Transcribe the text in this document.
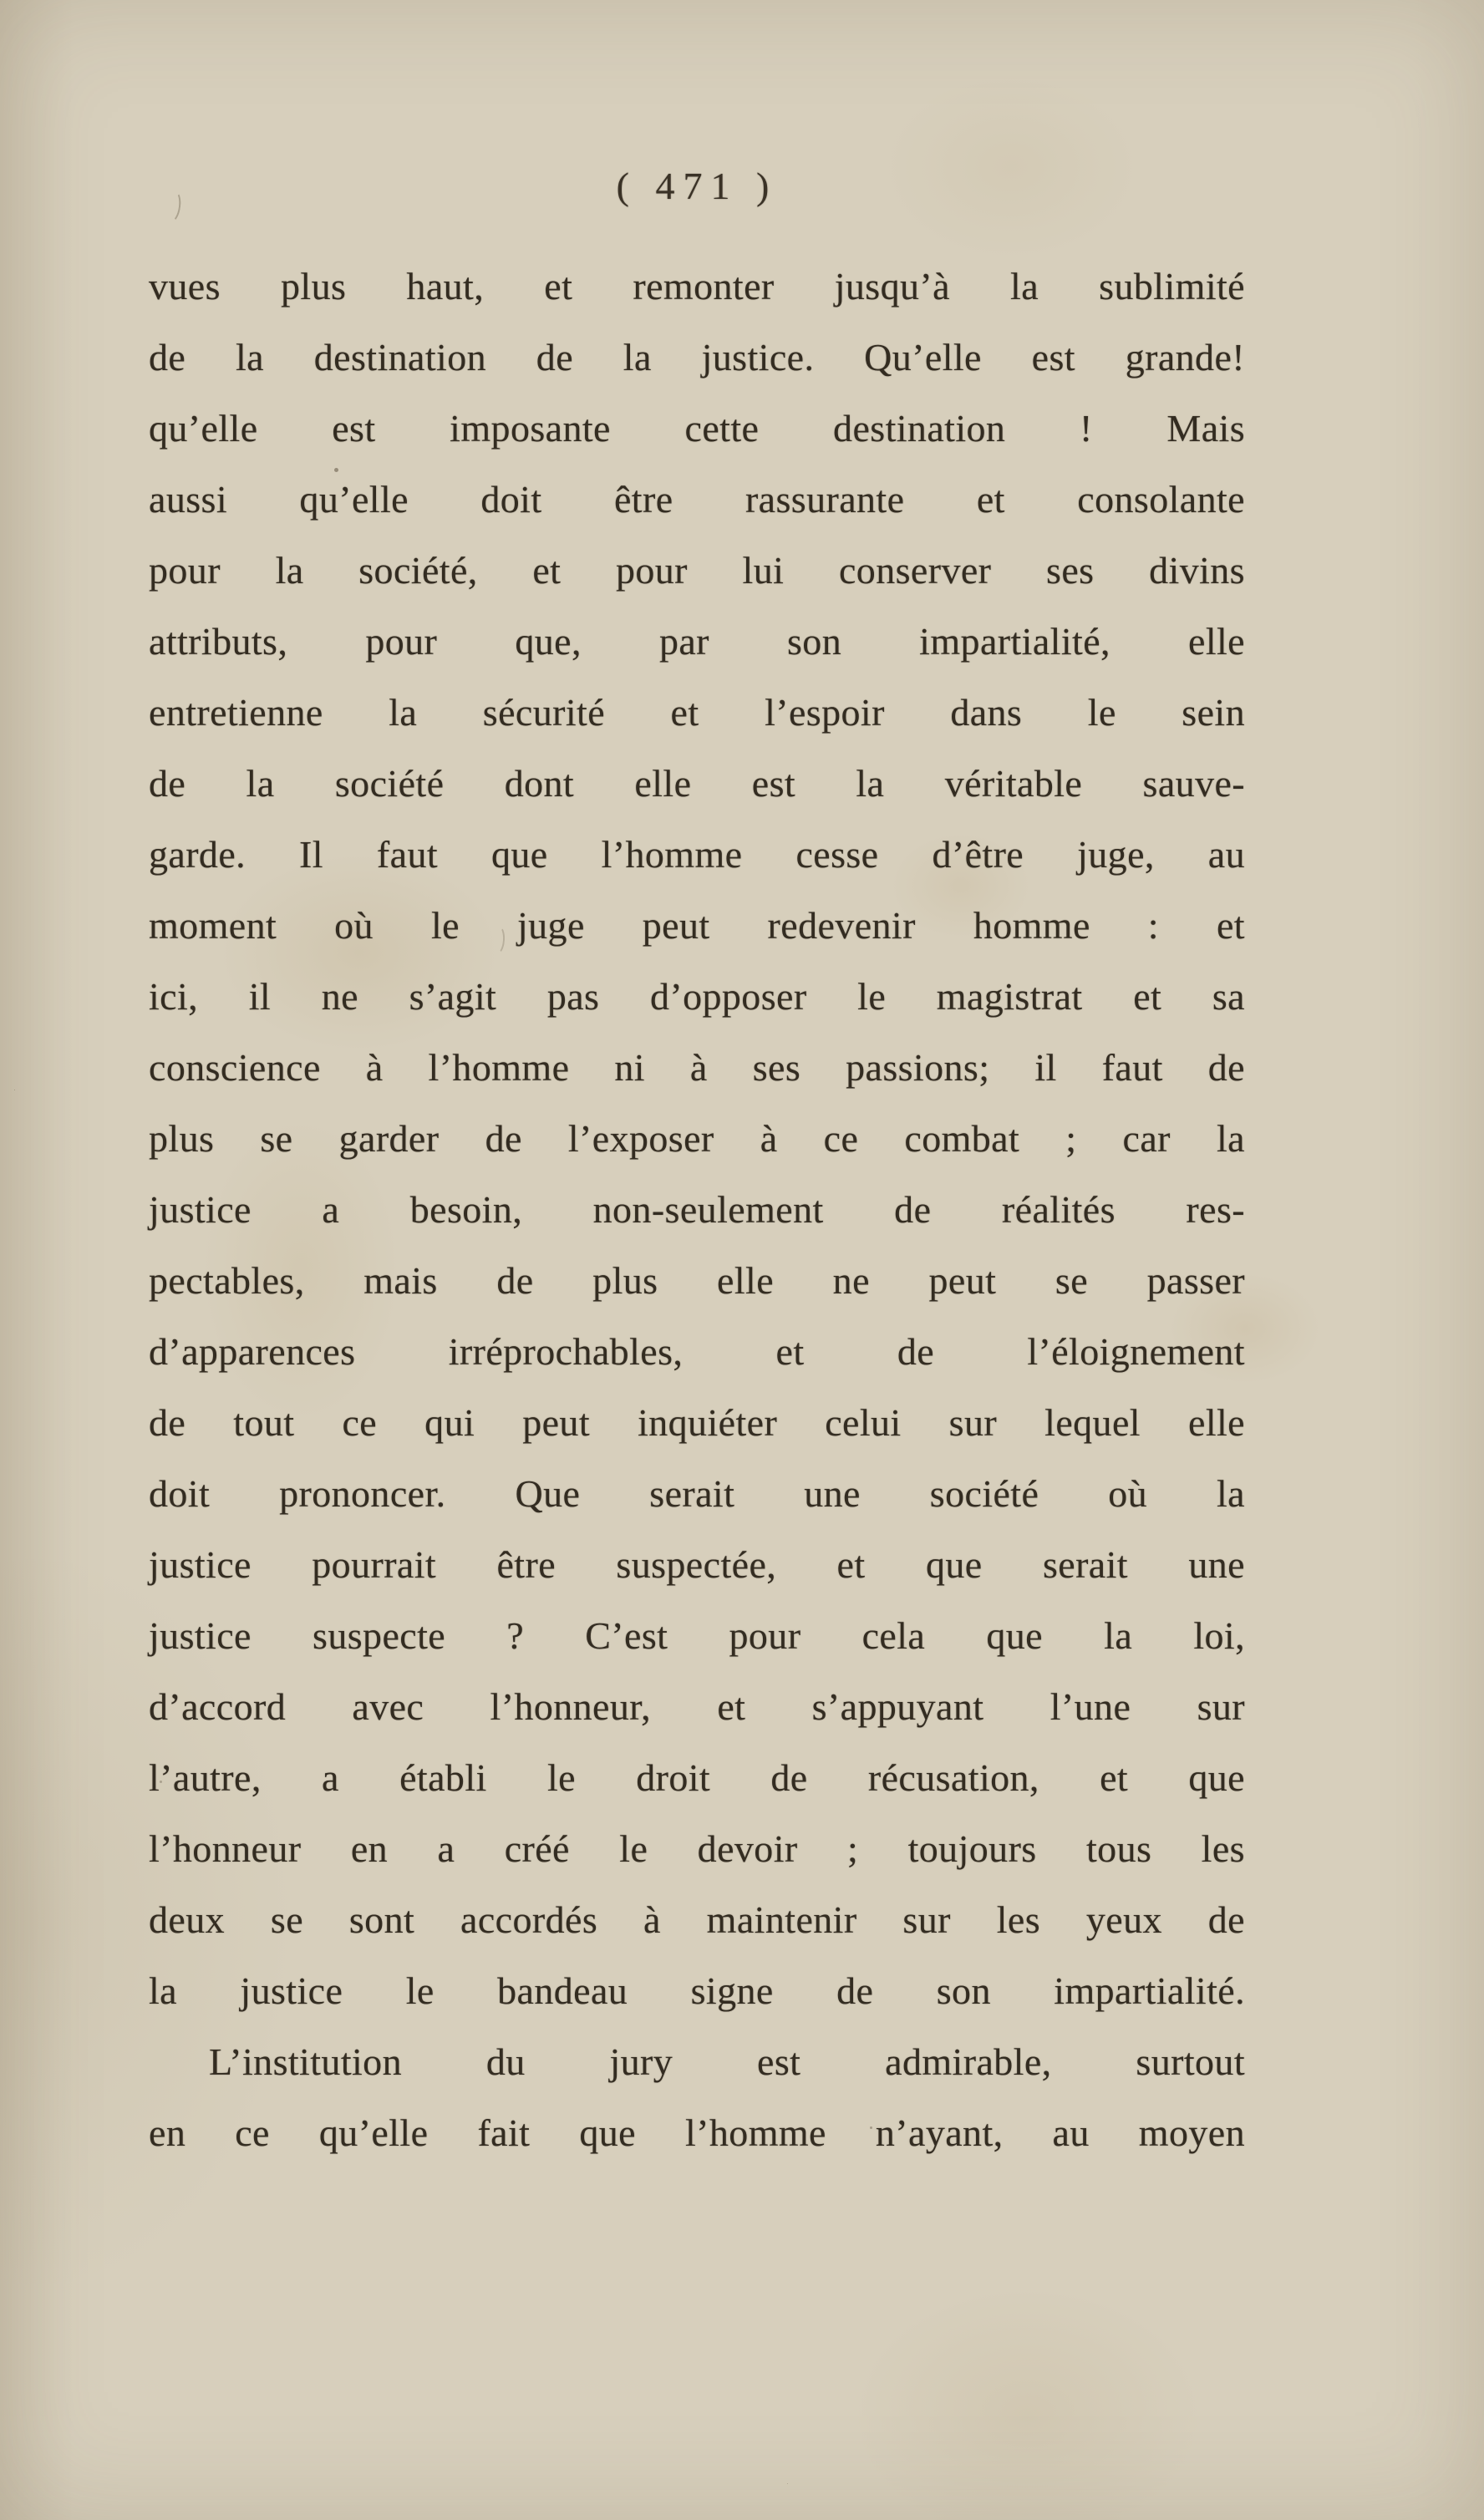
( 471 )
vues plus haut, et remonter jusqu’à la sublimité
de la destination de la justice. Qu’elle est grande!
qu’elle est imposante cette destination ! Mais
aussi qu’elle doit être rassurante et consolante
pour la société, et pour lui conserver ses divins
attributs, pour que, par son impartialité, elle
entretienne la sécurité et l’espoir dans le sein
de la société dont elle est la véritable sauve-
garde. Il faut que l’homme cesse d’être juge, au
moment où le juge peut redevenir homme : et
ici, il ne s’agit pas d’opposer le magistrat et sa
conscience à l’homme ni à ses passions; il faut de
plus se garder de l’exposer à ce combat ; car la
justice a besoin, non-seulement de réalités res-
pectables, mais de plus elle ne peut se passer
d’apparences irréprochables, et de l’éloignement
de tout ce qui peut inquiéter celui sur lequel elle
doit prononcer. Que serait une société où la
justice pourrait être suspectée, et que serait une
justice suspecte ? C’est pour cela que la loi,
d’accord avec l’honneur, et s’appuyant l’une sur
l’autre, a établi le droit de récusation, et que
l’honneur en a créé le devoir ; toujours tous les
deux se sont accordés à maintenir sur les yeux de
la justice le bandeau signe de son impartialité.
L’institution du jury est admirable, surtout
en ce qu’elle fait que l’homme n’ayant, au moyen
